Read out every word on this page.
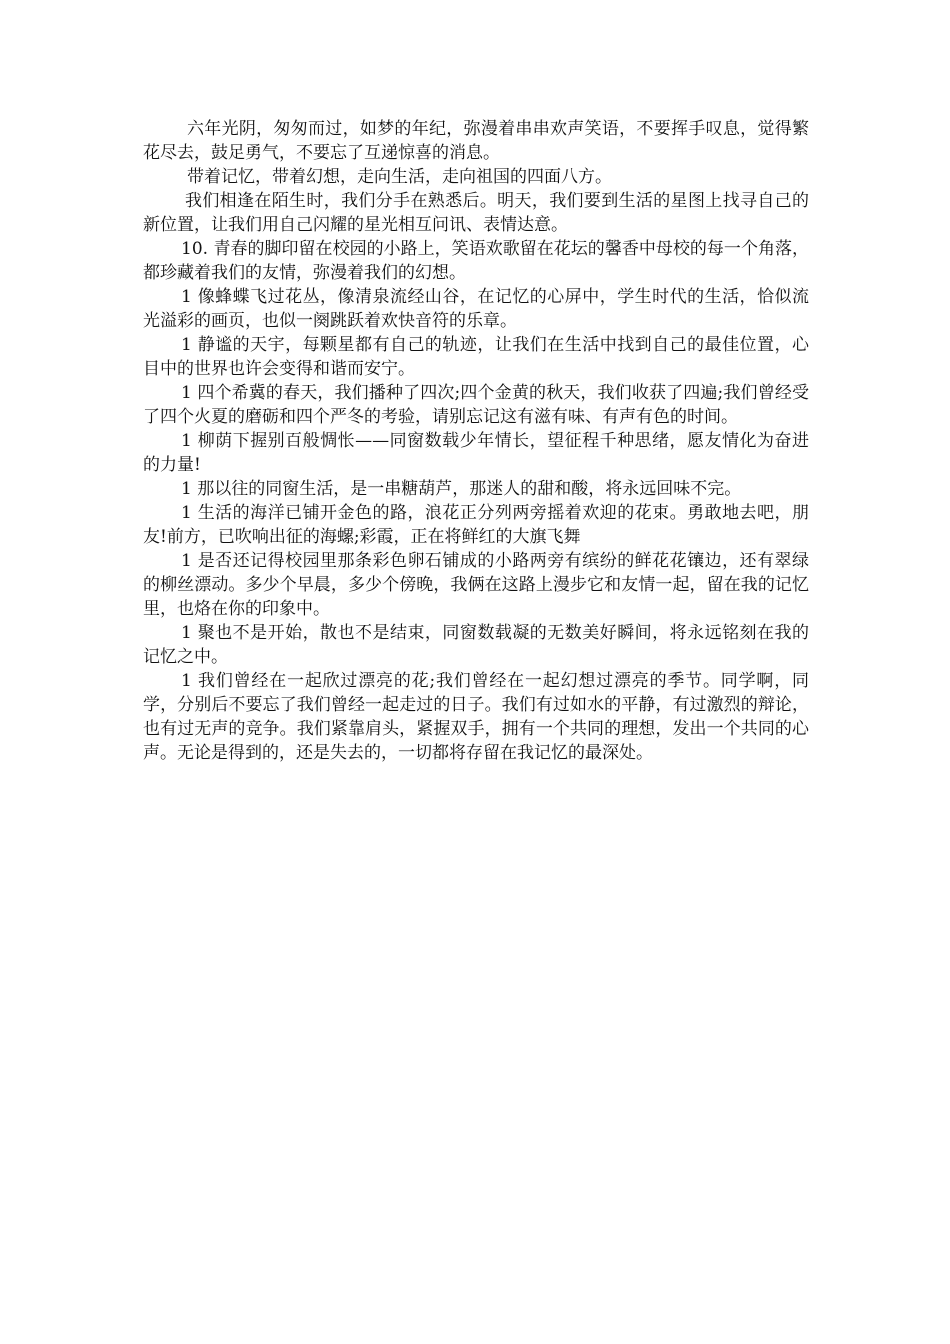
六年光阴，匆匆而过，如梦的年纪，弥漫着串串欢声笑语，不要挥手叹息，觉得繁花尽去，鼓足勇气，不要忘了互递惊喜的消息。

带着记忆，带着幻想，走向生活，走向祖国的四面八方。

我们相逢在陌生时，我们分手在熟悉后。明天，我们要到生活的星图上找寻自己的新位置，让我们用自己闪耀的星光相互问讯、表情达意。

10. 青春的脚印留在校园的小路上，笑语欢歌留在花坛的馨香中母校的每一个角落，都珍藏着我们的友情，弥漫着我们的幻想。

1 像蜂蝶飞过花丛，像清泉流经山谷，在记忆的心屏中，学生时代的生活，恰似流光溢彩的画页，也似一阕跳跃着欢快音符的乐章。

1 静谧的天宇，每颗星都有自己的轨迹，让我们在生活中找到自己的最佳位置，心目中的世界也许会变得和谐而安宁。

1 四个希冀的春天，我们播种了四次;四个金黄的秋天，我们收获了四遍;我们曾经受了四个火夏的磨砺和四个严冬的考验，请别忘记这有滋有味、有声有色的时间。

1 柳荫下握别百般惆怅——同窗数载少年情长，望征程千种思绪，愿友情化为奋进的力量!

1 那以往的同窗生活，是一串糖葫芦，那迷人的甜和酸，将永远回味不完。

1 生活的海洋已铺开金色的路，浪花正分列两旁摇着欢迎的花束。勇敢地去吧，朋友!前方，已吹响出征的海螺;彩霞，正在将鲜红的大旗飞舞

1 是否还记得校园里那条彩色卵石铺成的小路两旁有缤纷的鲜花花镶边，还有翠绿的柳丝漂动。多少个早晨，多少个傍晚，我俩在这路上漫步它和友情一起，留在我的记忆里，也烙在你的印象中。

1 聚也不是开始，散也不是结束，同窗数载凝的无数美好瞬间，将永远铭刻在我的记忆之中。

1 我们曾经在一起欣过漂亮的花;我们曾经在一起幻想过漂亮的季节。同学啊，同学，分别后不要忘了我们曾经一起走过的日子。我们有过如水的平静，有过激烈的辩论，也有过无声的竞争。我们紧靠肩头，紧握双手，拥有一个共同的理想，发出一个共同的心声。无论是得到的，还是失去的，一切都将存留在我记忆的最深处。
